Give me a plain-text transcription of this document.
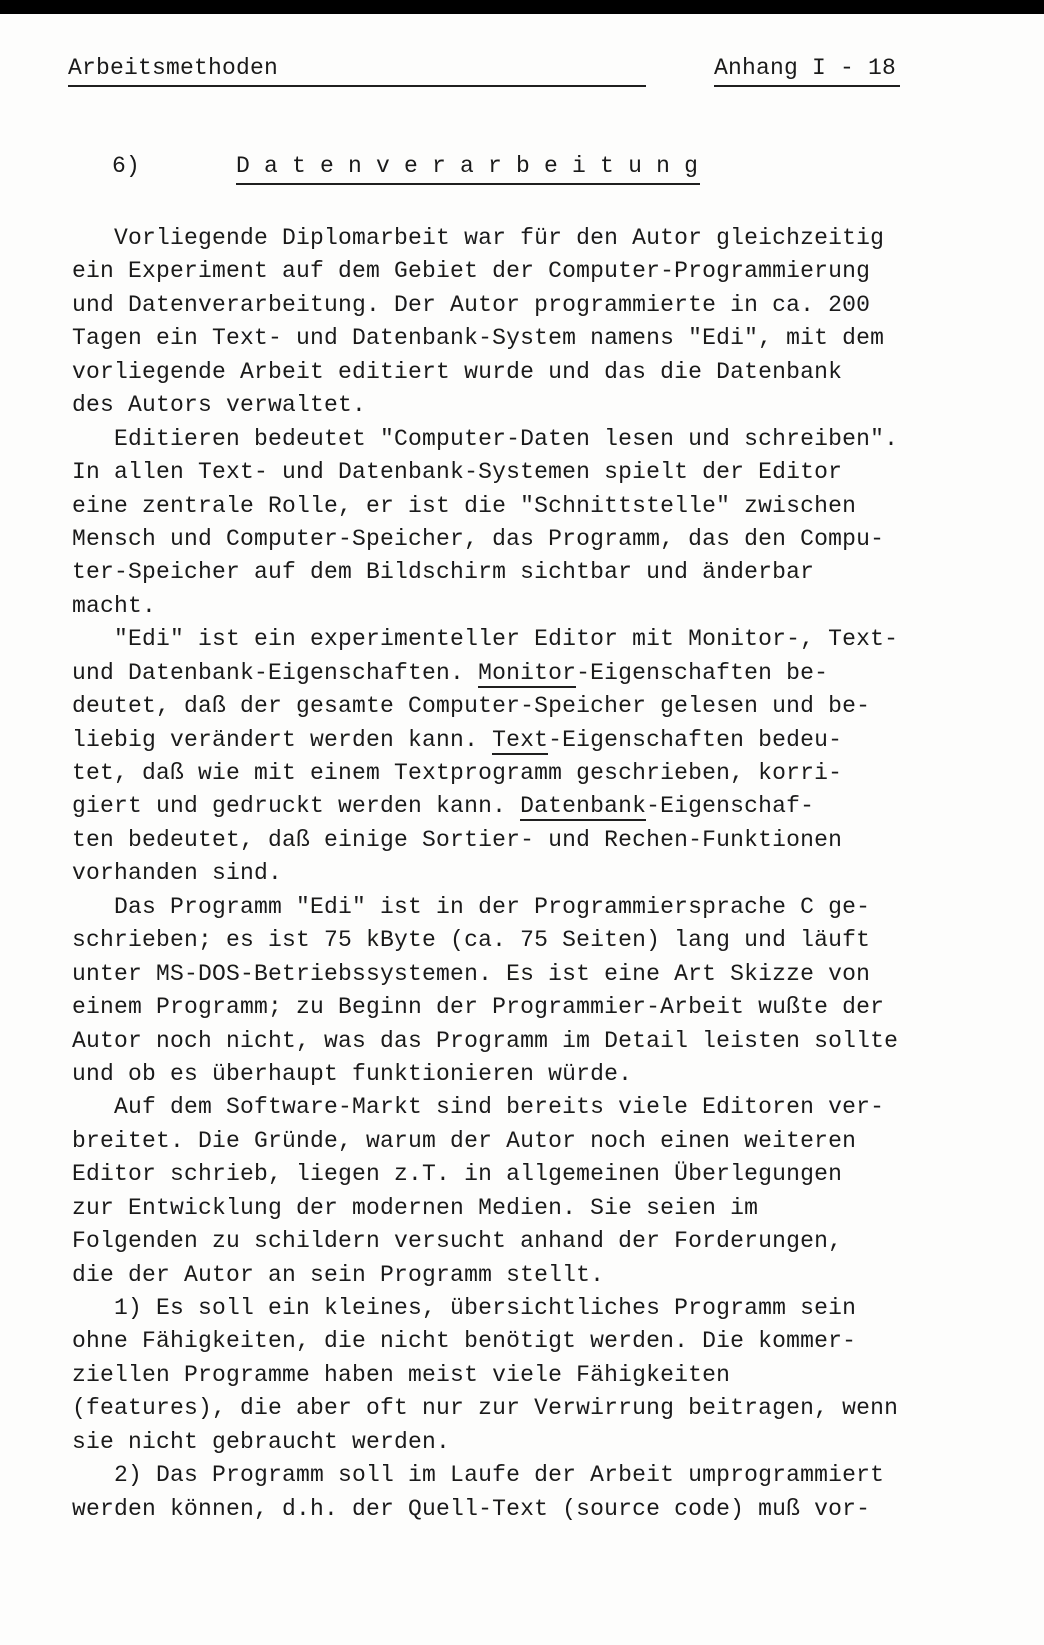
Arbeitsmethoden	Anhang I - 18
6)	D a t e n v e r a r b e i t u n g
Vorliegende Diplomarbeit war für den Autor gleichzeitig
ein Experiment auf dem Gebiet der Computer-Programmierung
und Datenverarbeitung. Der Autor programmierte in ca. 200
Tagen ein Text- und Datenbank-System namens "Edi", mit dem
vorliegende Arbeit editiert wurde und das die Datenbank
des Autors verwaltet.
Editieren bedeutet "Computer-Daten lesen und schreiben".
In allen Text- und Datenbank-Systemen spielt der Editor
eine zentrale Rolle, er ist die "Schnittstelle" zwischen
Mensch und Computer-Speicher, das Programm, das den Compu-
ter-Speicher auf dem Bildschirm sichtbar und änderbar
macht.
"Edi" ist ein experimenteller Editor mit Monitor-, Text-
und Datenbank-Eigenschaften. Monitor-Eigenschaften be-
deutet, daß der gesamte Computer-Speicher gelesen und be-
liebig verändert werden kann. Text-Eigenschaften bedeu-
tet, daß wie mit einem Textprogramm geschrieben, korri-
giert und gedruckt werden kann. Datenbank-Eigenschaf-
ten bedeutet, daß einige Sortier- und Rechen-Funktionen
vorhanden sind.
Das Programm "Edi" ist in der Programmiersprache C ge-
schrieben; es ist 75 kByte (ca. 75 Seiten) lang und läuft
unter MS-DOS-Betriebssystemen. Es ist eine Art Skizze von
einem Programm; zu Beginn der Programmier-Arbeit wußte der
Autor noch nicht, was das Programm im Detail leisten sollte
und ob es überhaupt funktionieren würde.
Auf dem Software-Markt sind bereits viele Editoren ver-
breitet. Die Gründe, warum der Autor noch einen weiteren
Editor schrieb, liegen z.T. in allgemeinen Überlegungen
zur Entwicklung der modernen Medien. Sie seien im
Folgenden zu schildern versucht anhand der Forderungen,
die der Autor an sein Programm stellt.
1) Es soll ein kleines, übersichtliches Programm sein
ohne Fähigkeiten, die nicht benötigt werden. Die kommer-
ziellen Programme haben meist viele Fähigkeiten
(features), die aber oft nur zur Verwirrung beitragen, wenn
sie nicht gebraucht werden.
2) Das Programm soll im Laufe der Arbeit umprogrammiert
werden können, d.h. der Quell-Text (source code) muß vor-
